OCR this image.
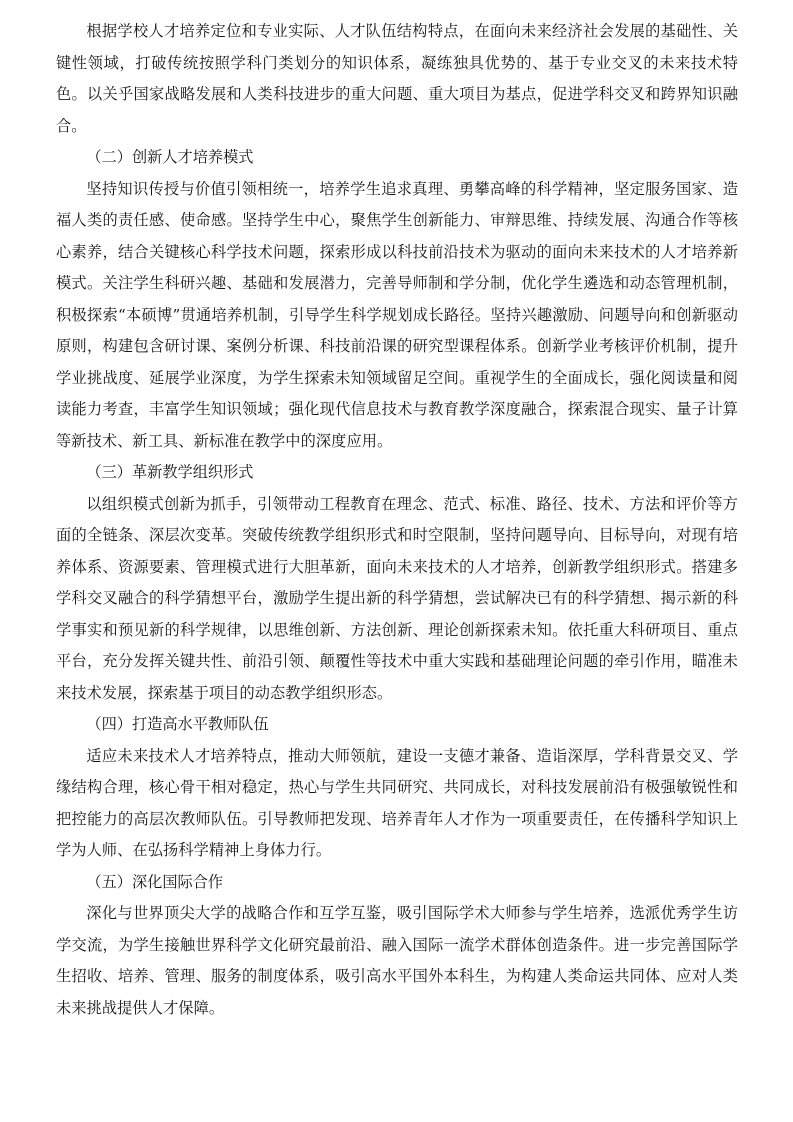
根据学校人才培养定位和专业实际、人才队伍结构特点，在面向未来经济社会发展的基础性、关键性领域，打破传统按照学科门类划分的知识体系，凝练独具优势的、基于专业交叉的未来技术特色。以关乎国家战略发展和人类科技进步的重大问题、重大项目为基点，促进学科交叉和跨界知识融合。

（二）创新人才培养模式

坚持知识传授与价值引领相统一，培养学生追求真理、勇攀高峰的科学精神，坚定服务国家、造福人类的责任感、使命感。坚持学生中心，聚焦学生创新能力、审辩思维、持续发展、沟通合作等核心素养，结合关键核心科学技术问题，探索形成以科技前沿技术为驱动的面向未来技术的人才培养新模式。关注学生科研兴趣、基础和发展潜力，完善导师制和学分制，优化学生遴选和动态管理机制，积极探索“本硕博”贯通培养机制，引导学生科学规划成长路径。坚持兴趣激励、问题导向和创新驱动原则，构建包含研讨课、案例分析课、科技前沿课的研究型课程体系。创新学业考核评价机制，提升学业挑战度、延展学业深度，为学生探索未知领域留足空间。重视学生的全面成长，强化阅读量和阅读能力考查，丰富学生知识领域；强化现代信息技术与教育教学深度融合，探索混合现实、量子计算等新技术、新工具、新标准在教学中的深度应用。

（三）革新教学组织形式

以组织模式创新为抓手，引领带动工程教育在理念、范式、标准、路径、技术、方法和评价等方面的全链条、深层次变革。突破传统教学组织形式和时空限制，坚持问题导向、目标导向，对现有培养体系、资源要素、管理模式进行大胆革新，面向未来技术的人才培养，创新教学组织形式。搭建多学科交叉融合的科学猜想平台，激励学生提出新的科学猜想，尝试解决已有的科学猜想、揭示新的科学事实和预见新的科学规律，以思维创新、方法创新、理论创新探索未知。依托重大科研项目、重点平台，充分发挥关键共性、前沿引领、颠覆性等技术中重大实践和基础理论问题的牵引作用，瞄准未来技术发展，探索基于项目的动态教学组织形态。

（四）打造高水平教师队伍

适应未来技术人才培养特点，推动大师领航，建设一支德才兼备、造诣深厚，学科背景交叉、学缘结构合理，核心骨干相对稳定，热心与学生共同研究、共同成长，对科技发展前沿有极强敏锐性和把控能力的高层次教师队伍。引导教师把发现、培养青年人才作为一项重要责任，在传播科学知识上学为人师、在弘扬科学精神上身体力行。

（五）深化国际合作

深化与世界顶尖大学的战略合作和互学互鉴，吸引国际学术大师参与学生培养，选派优秀学生访学交流，为学生接触世界科学文化研究最前沿、融入国际一流学术群体创造条件。进一步完善国际学生招收、培养、管理、服务的制度体系，吸引高水平国外本科生，为构建人类命运共同体、应对人类未来挑战提供人才保障。
